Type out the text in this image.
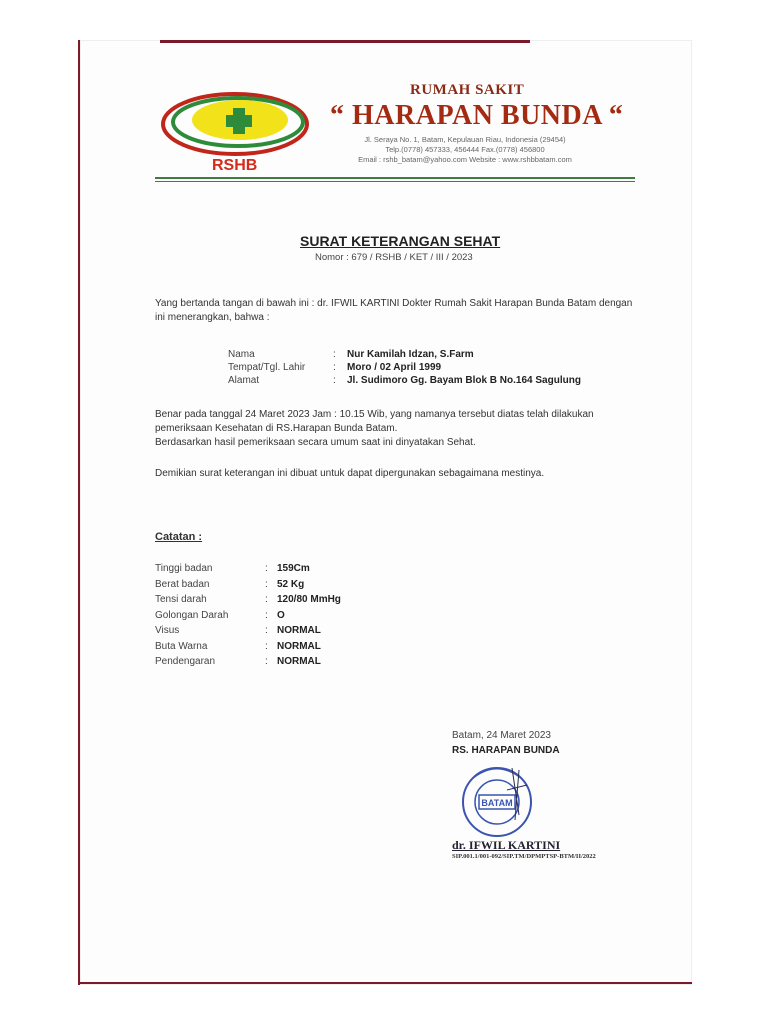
RSHB
RUMAH SAKIT
“ HARAPAN BUNDA “
Jl. Seraya No. 1, Batam, Kepulauan Riau, Indonesia (29454)
Telp.(0778) 457333, 456444 Fax.(0778) 456800
Email : rshb_batam@yahoo.com Website : www.rshbbatam.com
SURAT KETERANGAN SEHAT
Nomor : 679 / RSHB / KET / III / 2023
Yang bertanda tangan di bawah ini : dr. IFWIL KARTINI Dokter Rumah Sakit Harapan Bunda Batam dengan ini menerangkan, bahwa :
Nama	:	Nur Kamilah Idzan, S.Farm
Tempat/Tgl. Lahir	:	Moro / 02 April 1999
Alamat	:	Jl. Sudimoro Gg. Bayam Blok B No.164 Sagulung
Benar pada tanggal 24 Maret 2023 Jam : 10.15 Wib, yang namanya tersebut diatas telah dilakukan pemeriksaan Kesehatan di RS.Harapan Bunda Batam.
Berdasarkan hasil pemeriksaan secara umum saat ini dinyatakan Sehat.
Demikian surat keterangan ini dibuat untuk dapat dipergunakan sebagaimana mestinya.
Catatan :
Tinggi badan	: 159Cm
Berat badan	: 52 Kg
Tensi darah	: 120/80 MmHg
Golongan Darah	: O
Visus	: NORMAL
Buta Warna	: NORMAL
Pendengaran	: NORMAL
Batam, 24 Maret 2023
RS. HARAPAN BUNDA
BATAM
dr. IFWIL KARTINI
SIP.001.1/001-092/SIP.TM/DPMPTSP-BTM/II/2022
